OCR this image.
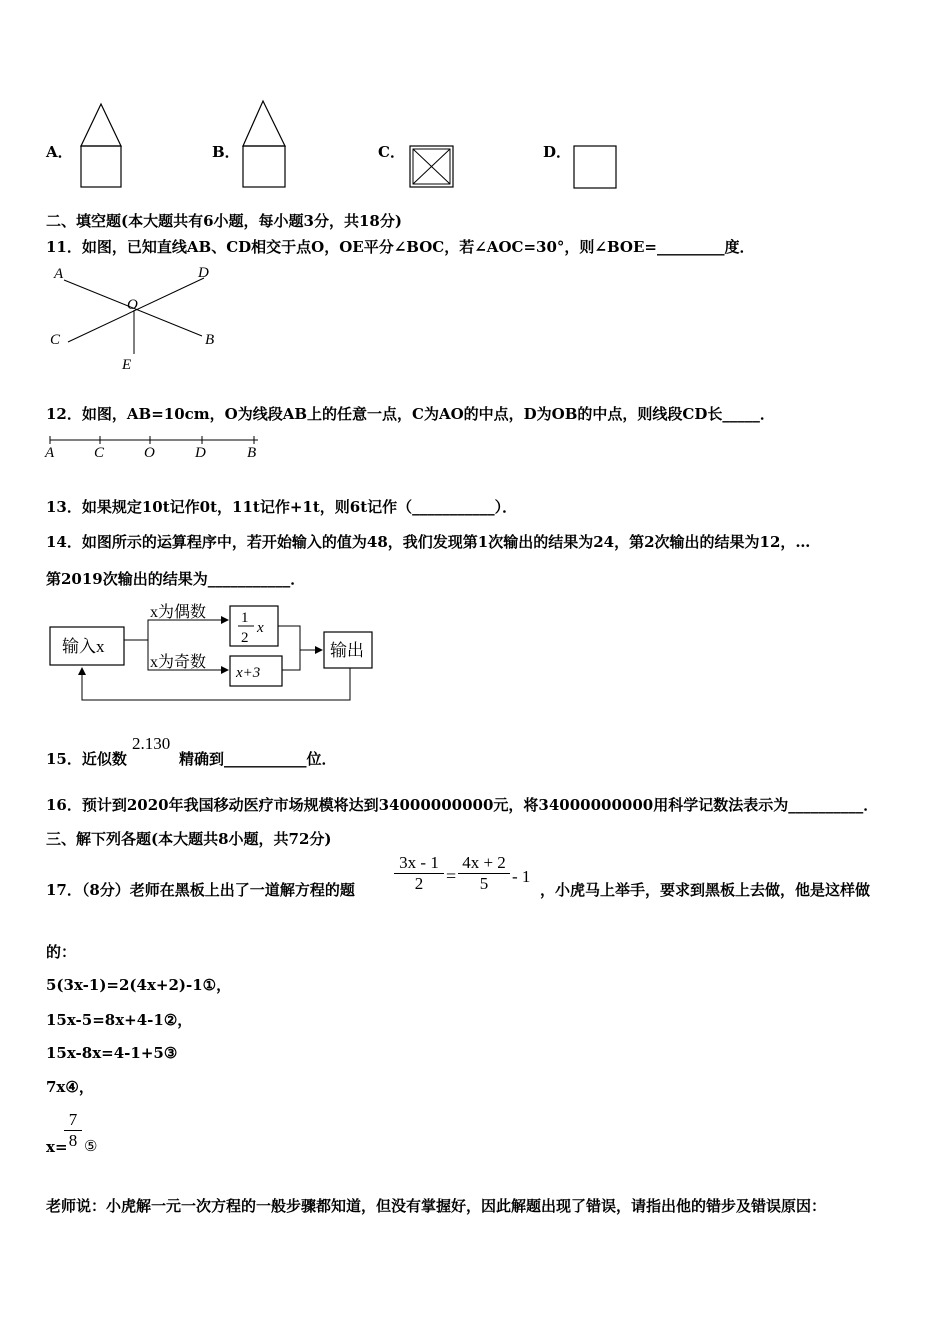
A．	B．	C．	D．
二、填空题(本大题共有6小题，每小题3分，共18分)
11．如图，已知直线AB、CD相交于点O，OE平分∠BOC，若∠AOC=30°，则∠BOE=_________度．
A	D
O
C	B
E
12．如图，AB=10cm，O为线段AB上的任意一点，C为AO的中点，D为OB的中点，则线段CD长_____．
A	C	O	D	B
13．如果规定10t记作0t，11t记作+1t，则6t记作（___________）．
14．如图所示的运算程序中，若开始输入的值为48，我们发现第1次输出的结果为24，第2次输出的结果为12，…
第2019次输出的结果为___________．
输入x
x为偶数 1
2
x
x为奇数
x+3
输出
15．近似数
2.130
精确到___________位．
16．预计到2020年我国移动医疗市场规模将达到34000000000元，将34000000000用科学记数法表示为__________．
三、解下列各题(本大题共8小题，共72分)
17．（8分）老师在黑板上出了一道解方程的题
3x - 1
2	=
4x + 2
5	- 1
，小虎马上举手，要求到黑板上去做，他是这样做
的：
5(3x-1)=2(4x+2)-1①，
15x-5=8x+4-1②，
15x-8x=4-1+5③
7x④，
x=
7
8 ⑤
老师说：小虎解一元一次方程的一般步骤都知道，但没有掌握好，因此解题出现了错误，请指出他的错步及错误原因：
